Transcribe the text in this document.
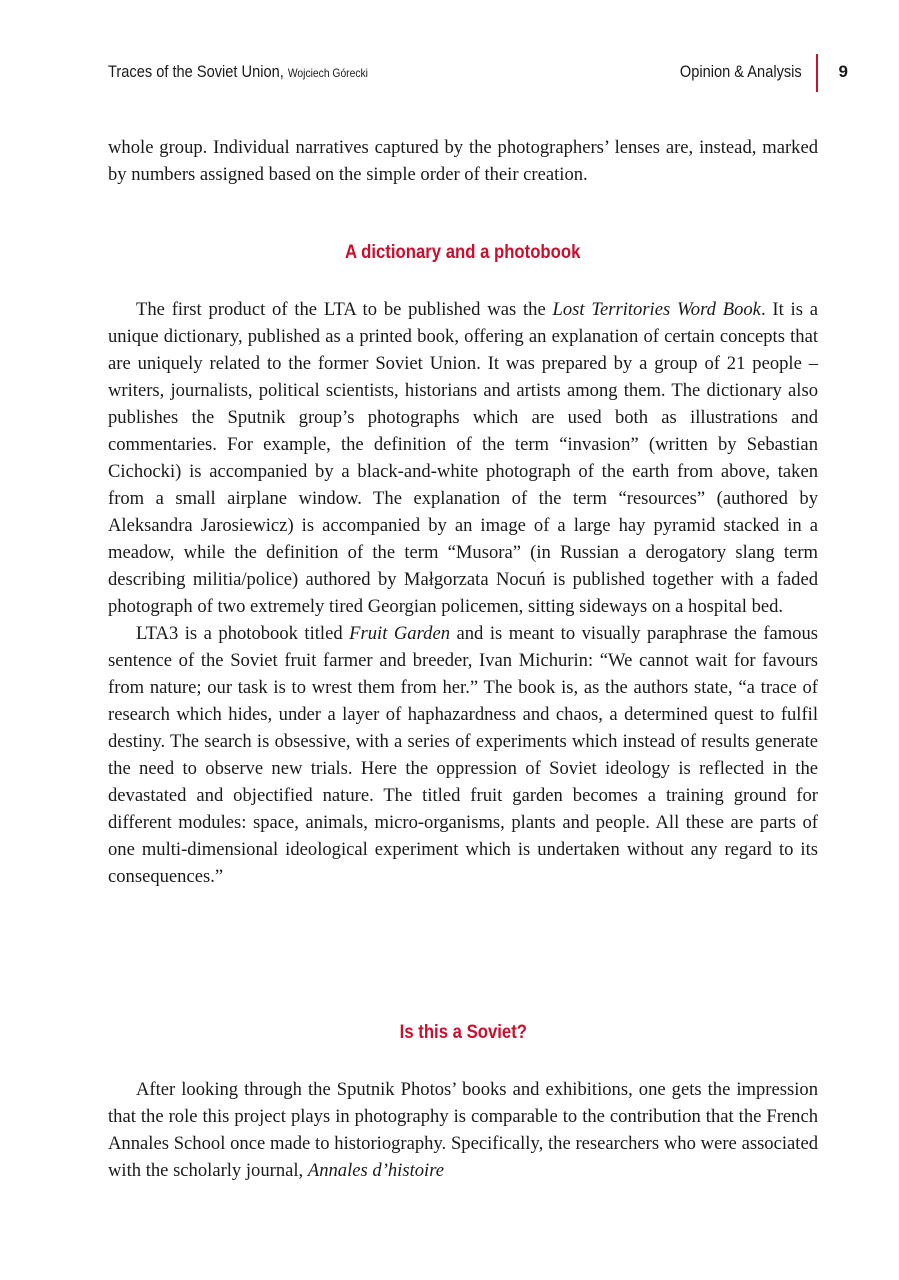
Traces of the Soviet Union, Wojciech Górecki	Opinion & Analysis 9

whole group. Individual narratives captured by the photographers’ lenses are, instead, marked by numbers assigned based on the simple order of their creation.

A dictionary and a photobook

The first product of the LTA to be published was the Lost Territories Word Book. It is a unique dictionary, published as a printed book, offering an explanation of certain concepts that are uniquely related to the former Soviet Union. It was prepared by a group of 21 people – writers, journalists, political scientists, historians and artists among them. The dictionary also publishes the Sputnik group’s photographs which are used both as illustrations and commentaries. For example, the definition of the term “invasion” (written by Sebastian Cichocki) is accompanied by a black-and-white photograph of the earth from above, taken from a small airplane window. The explanation of the term “resources” (authored by Aleksandra Jarosiewicz) is accompanied by an image of a large hay pyramid stacked in a meadow, while the definition of the term “Musora” (in Russian a derogatory slang term describing militia/police) authored by Małgorzata Nocuń is published together with a faded photograph of two extremely tired Georgian policemen, sitting sideways on a hospital bed.

LTA3 is a photobook titled Fruit Garden and is meant to visually paraphrase the famous sentence of the Soviet fruit farmer and breeder, Ivan Michurin: “We cannot wait for favours from nature; our task is to wrest them from her.” The book is, as the authors state, “a trace of research which hides, under a layer of haphazardness and chaos, a determined quest to fulfil destiny. The search is obsessive, with a series of experiments which instead of results generate the need to observe new trials. Here the oppression of Soviet ideology is reflected in the devastated and objectified nature. The titled fruit garden becomes a training ground for different modules: space, animals, micro-organisms, plants and people. All these are parts of one multi-dimensional ideological experiment which is undertaken without any regard to its consequences.”

Is this a Soviet?

After looking through the Sputnik Photos’ books and exhibitions, one gets the impression that the role this project plays in photography is comparable to the contribution that the French Annales School once made to historiography. Specifically, the researchers who were associated with the scholarly journal, Annales d’histoire
